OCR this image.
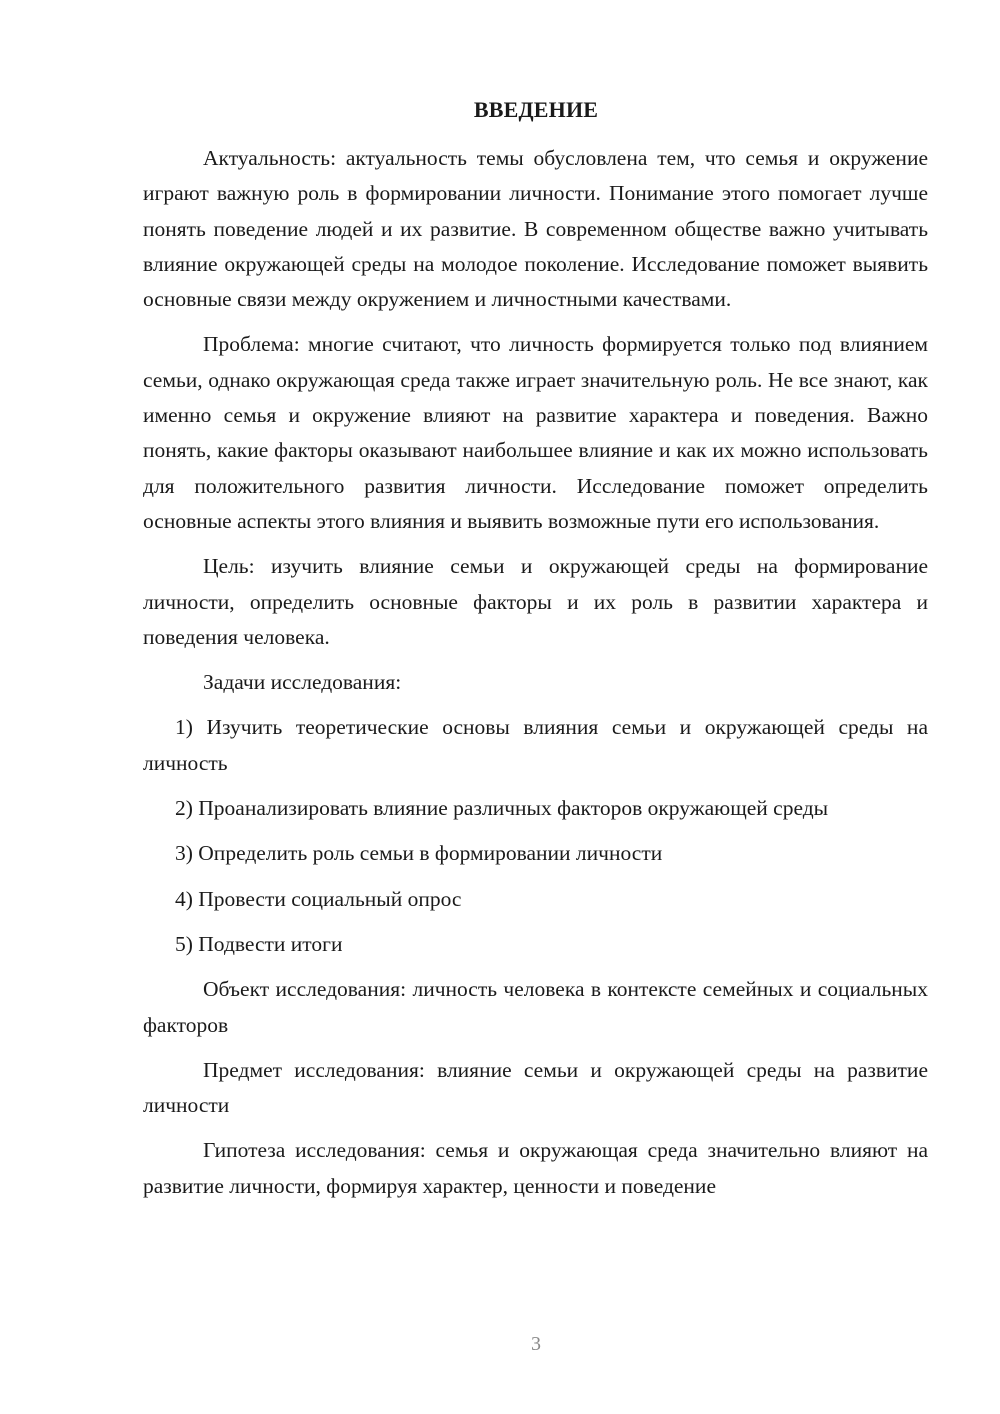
ВВЕДЕНИЕ

Актуальность: актуальность темы обусловлена тем, что семья и окружение играют важную роль в формировании личности. Понимание этого помогает лучше понять поведение людей и их развитие. В современном обществе важно учитывать влияние окружающей среды на молодое поколение. Исследование поможет выявить основные связи между окружением и личностными качествами.

Проблема: многие считают, что личность формируется только под влиянием семьи, однако окружающая среда также играет значительную роль. Не все знают, как именно семья и окружение влияют на развитие характера и поведения. Важно понять, какие факторы оказывают наибольшее влияние и как их можно использовать для положительного развития личности. Исследование поможет определить основные аспекты этого влияния и выявить возможные пути его использования.

Цель: изучить влияние семьи и окружающей среды на формирование личности, определить основные факторы и их роль в развитии характера и поведения человека.

Задачи исследования:

1) Изучить теоретические основы влияния семьи и окружающей среды на личность

2) Проанализировать влияние различных факторов окружающей среды

3) Определить роль семьи в формировании личности

4) Провести социальный опрос

5) Подвести итоги

Объект исследования: личность человека в контексте семейных и социальных факторов

Предмет исследования: влияние семьи и окружающей среды на развитие личности

Гипотеза исследования: семья и окружающая среда значительно влияют на развитие личности, формируя характер, ценности и поведение

3
